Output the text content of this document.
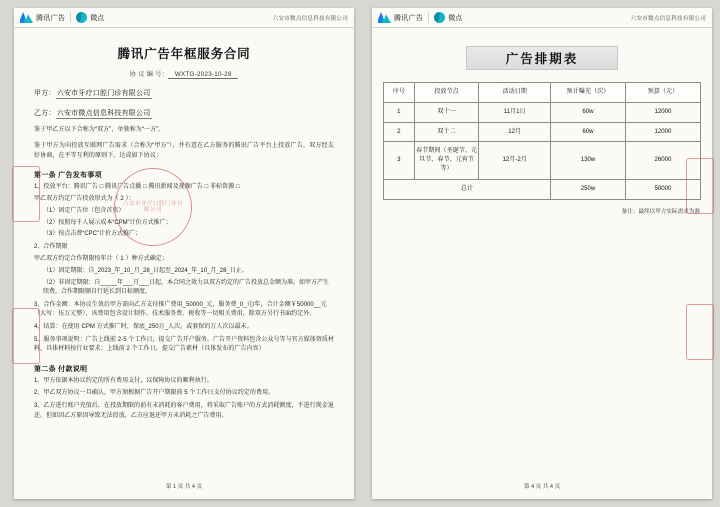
腾讯广告	微点	六安市微点信息科技有限公司
腾讯广告年框服务合同
协 议 编 号： WXTG-2023-10-28
甲方：六安市牙疗口腔门诊有限公司
乙方：六安市微点信息科技有限公司
鉴于甲乙方以下合称为“双方”，单独称为“一方”。
鉴于甲方为向投放互联网广告需求（合称为“甲方”），并有意在乙方服务的腾讯广告平台上投放广告，双方经友好协商，在平等互利的原则下，达成如下协议：
第一条 广告发布事项
1、投放平台：腾讯广告 □ 腾讯广告点播 □ 腾讯新闻及视频广告 □ 非标资源 □
甲乙双方约定广告投放形式为（ 2 ）：
（1）固定广告位（包含首页）
（2）按照每千人展示成本“CPM”计价方式推广；
（3）按点击费“CPC”计价方式推广；
2、合作期限
甲乙双方约定合作期限按年计（ 1 ）种方式确定；
（1）固定期限：自_2023_年_10_月_28_日起至_2024_年_10_月_28_日止。
（2）非固定期限：自_____年___月___日起，本合同之效力以双方约定的广告投放总金额为准。如甲方产生续费，合作期限顺自行延长到目标额度。
3、合作金额：本协议生效后甲方需向乙方支付推广费用_50000_元，服务费_0_元/年，合计金额￥50000__元（大写：伍万元整），该费用包含设计制作、技术服务费、税收等一切相关费用，除双方另行书面约定外。
4、结算：在使用 CPM 方式推广时，保底_250万_人次，或套保的万人次以最末。
5、服务事项说明：广告上线前 2-5 个工作日，提交广告开户服务，广告开户资料包含公众号等与官方媒体资质材料，具体材料按行业要求；上线前 2 个工作日，提交广告素材（具体发布的广告内容）
第二条 付款说明
1、甲方依据本协议约定的所有费用支付，以保障协议的顺利执行。
2、甲乙双方协议一旦确认，甲方须根据广告开户期限前 5 个工作日支付协议约定的费用。
3、乙方进行账户充值后，在投放期限的前有未消耗的客户费用，将采取广告账户的方式消耗额度，不进行现金退还。但如因乙方原因导致无法投放，乙方应退还甲方未消耗之广告费用。
第 1 页 共 4 页
六安市牙疗口腔门诊有限公司
腾讯广告	微点	六安市微点信息科技有限公司
广告排期表
序号	投放节点	活动日期	预计曝光（次）	预算（元）
1	双十一	11月1日	60w	12000
2	双十二	12月	60w	12000
3	春节期间（圣诞节、元旦节、春节、元宵节等）	12月-2月	130w	26000
总计			250w	50000
备注：最终以甲方实际需求为准
第 4 页 共 4 页
